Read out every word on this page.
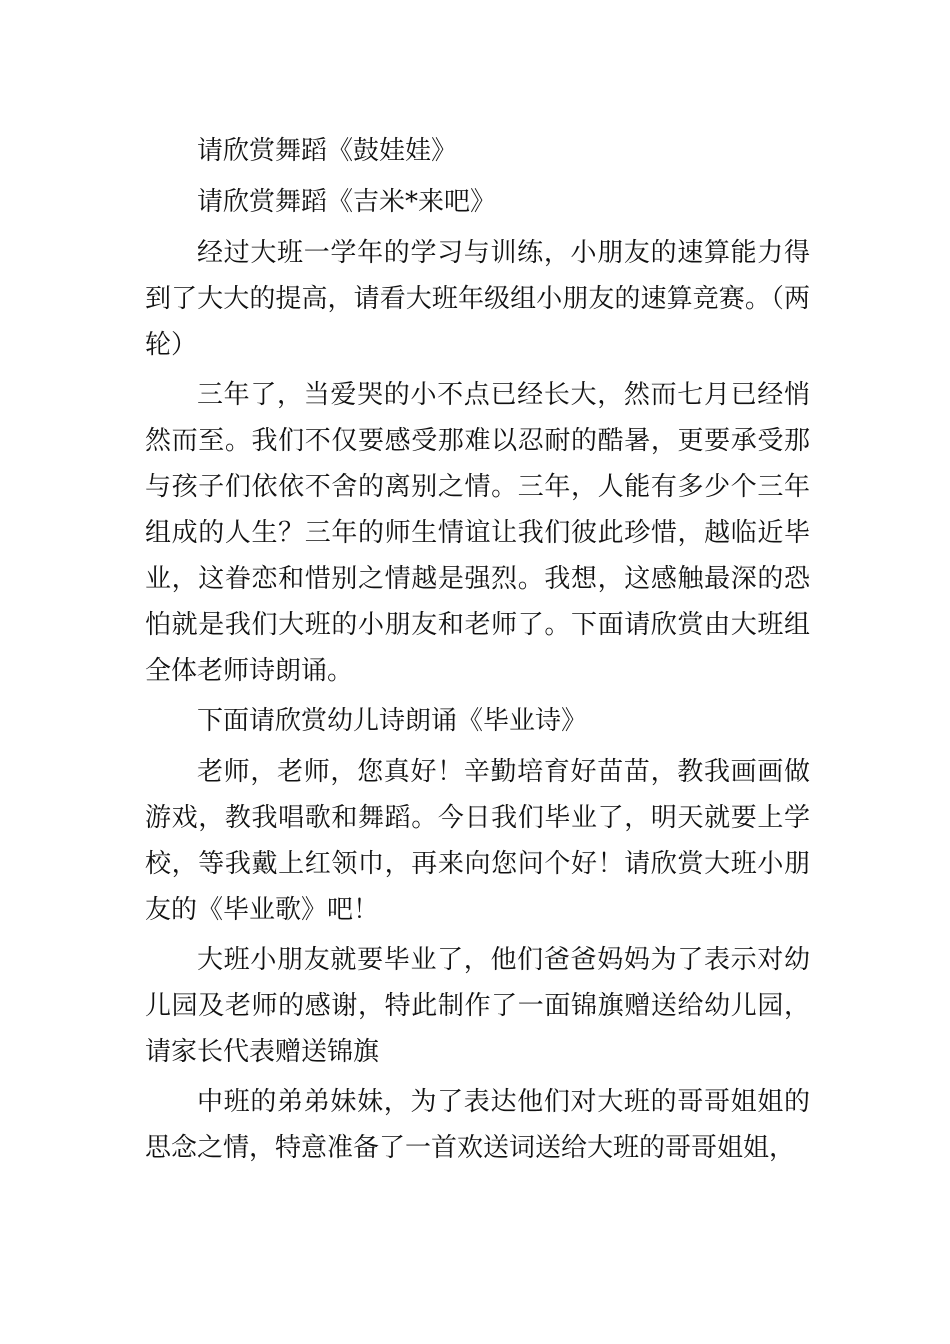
请欣赏舞蹈《鼓娃娃》

请欣赏舞蹈《吉米*来吧》

经过大班一学年的学习与训练，小朋友的速算能力得到了大大的提高，请看大班年级组小朋友的速算竞赛。（两轮）

三年了，当爱哭的小不点已经长大，然而七月已经悄然而至。我们不仅要感受那难以忍耐的酷暑，更要承受那与孩子们依依不舍的离别之情。三年，人能有多少个三年组成的人生？三年的师生情谊让我们彼此珍惜，越临近毕业，这眷恋和惜别之情越是强烈。我想，这感触最深的恐怕就是我们大班的小朋友和老师了。下面请欣赏由大班组全体老师诗朗诵。

下面请欣赏幼儿诗朗诵《毕业诗》

老师，老师，您真好！辛勤培育好苗苗，教我画画做游戏，教我唱歌和舞蹈。今日我们毕业了，明天就要上学校，等我戴上红领巾，再来向您问个好！请欣赏大班小朋友的《毕业歌》吧！

大班小朋友就要毕业了，他们爸爸妈妈为了表示对幼儿园及老师的感谢，特此制作了一面锦旗赠送给幼儿园，请家长代表赠送锦旗

中班的弟弟妹妹，为了表达他们对大班的哥哥姐姐的思念之情，特意准备了一首欢送词送给大班的哥哥姐姐，
